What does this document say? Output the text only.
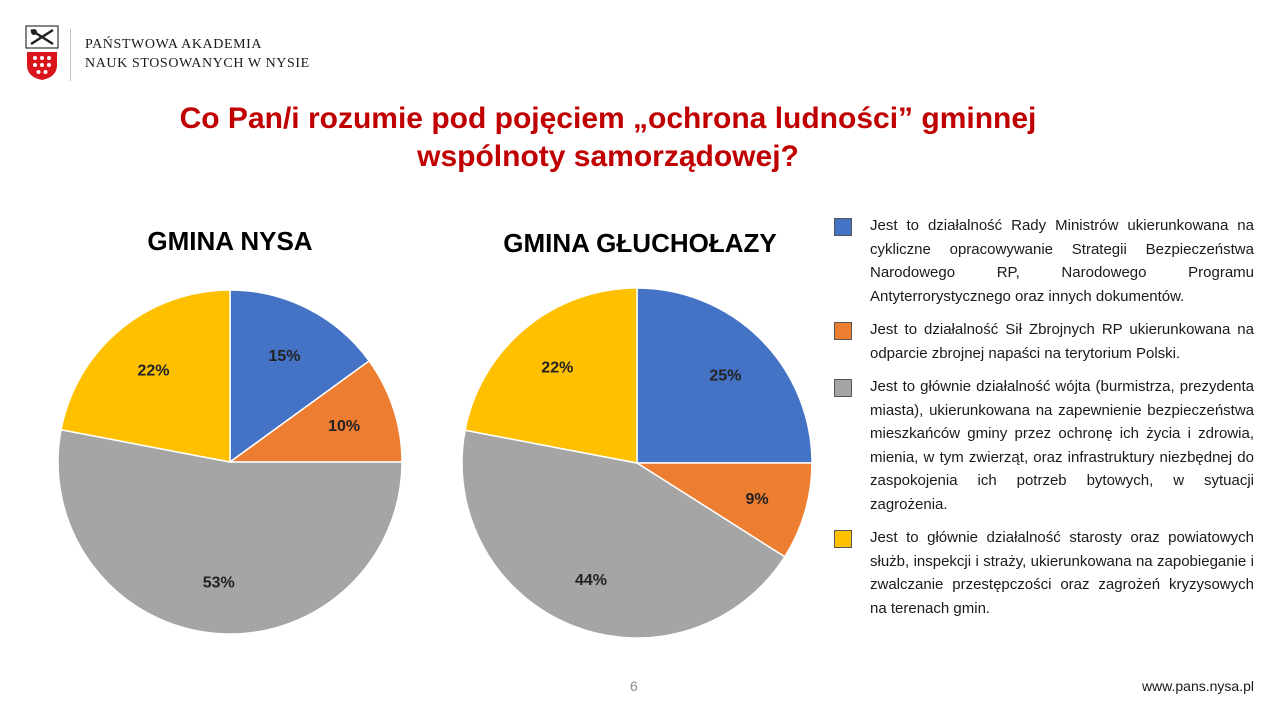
PAŃSTWOWA AKADEMIA
NAUK STOSOWANYCH W NYSIE
Co Pan/i rozumie pod pojęciem „ochrona ludności” gminnej
wspólnoty samorządowej?
GMINA NYSA	GMINA GŁUCHOŁAZY
15%
10%
53%
22%	25%
9%
44%
22%
Jest to działalność Rady Ministrów ukierunkowana na cykliczne opracowywanie Strategii Bezpieczeństwa Narodowego RP, Narodowego Programu Antyterrorystycznego oraz innych dokumentów.
Jest to działalność Sił Zbrojnych RP ukierunkowana na odparcie zbrojnej napaści na terytorium Polski.
Jest to głównie działalność wójta (burmistrza, prezydenta miasta), ukierunkowana na zapewnienie bezpieczeństwa mieszkańców gminy przez ochronę ich życia i zdrowia, mienia, w tym zwierząt, oraz infrastruktury niezbędnej do zaspokojenia ich potrzeb bytowych, w sytuacji zagrożenia.
Jest to głównie działalność starosty oraz powiatowych służb, inspekcji i straży, ukierunkowana na zapobieganie i zwalczanie przestępczości oraz zagrożeń kryzysowych na terenach gmin.
6	www.pans.nysa.pl
